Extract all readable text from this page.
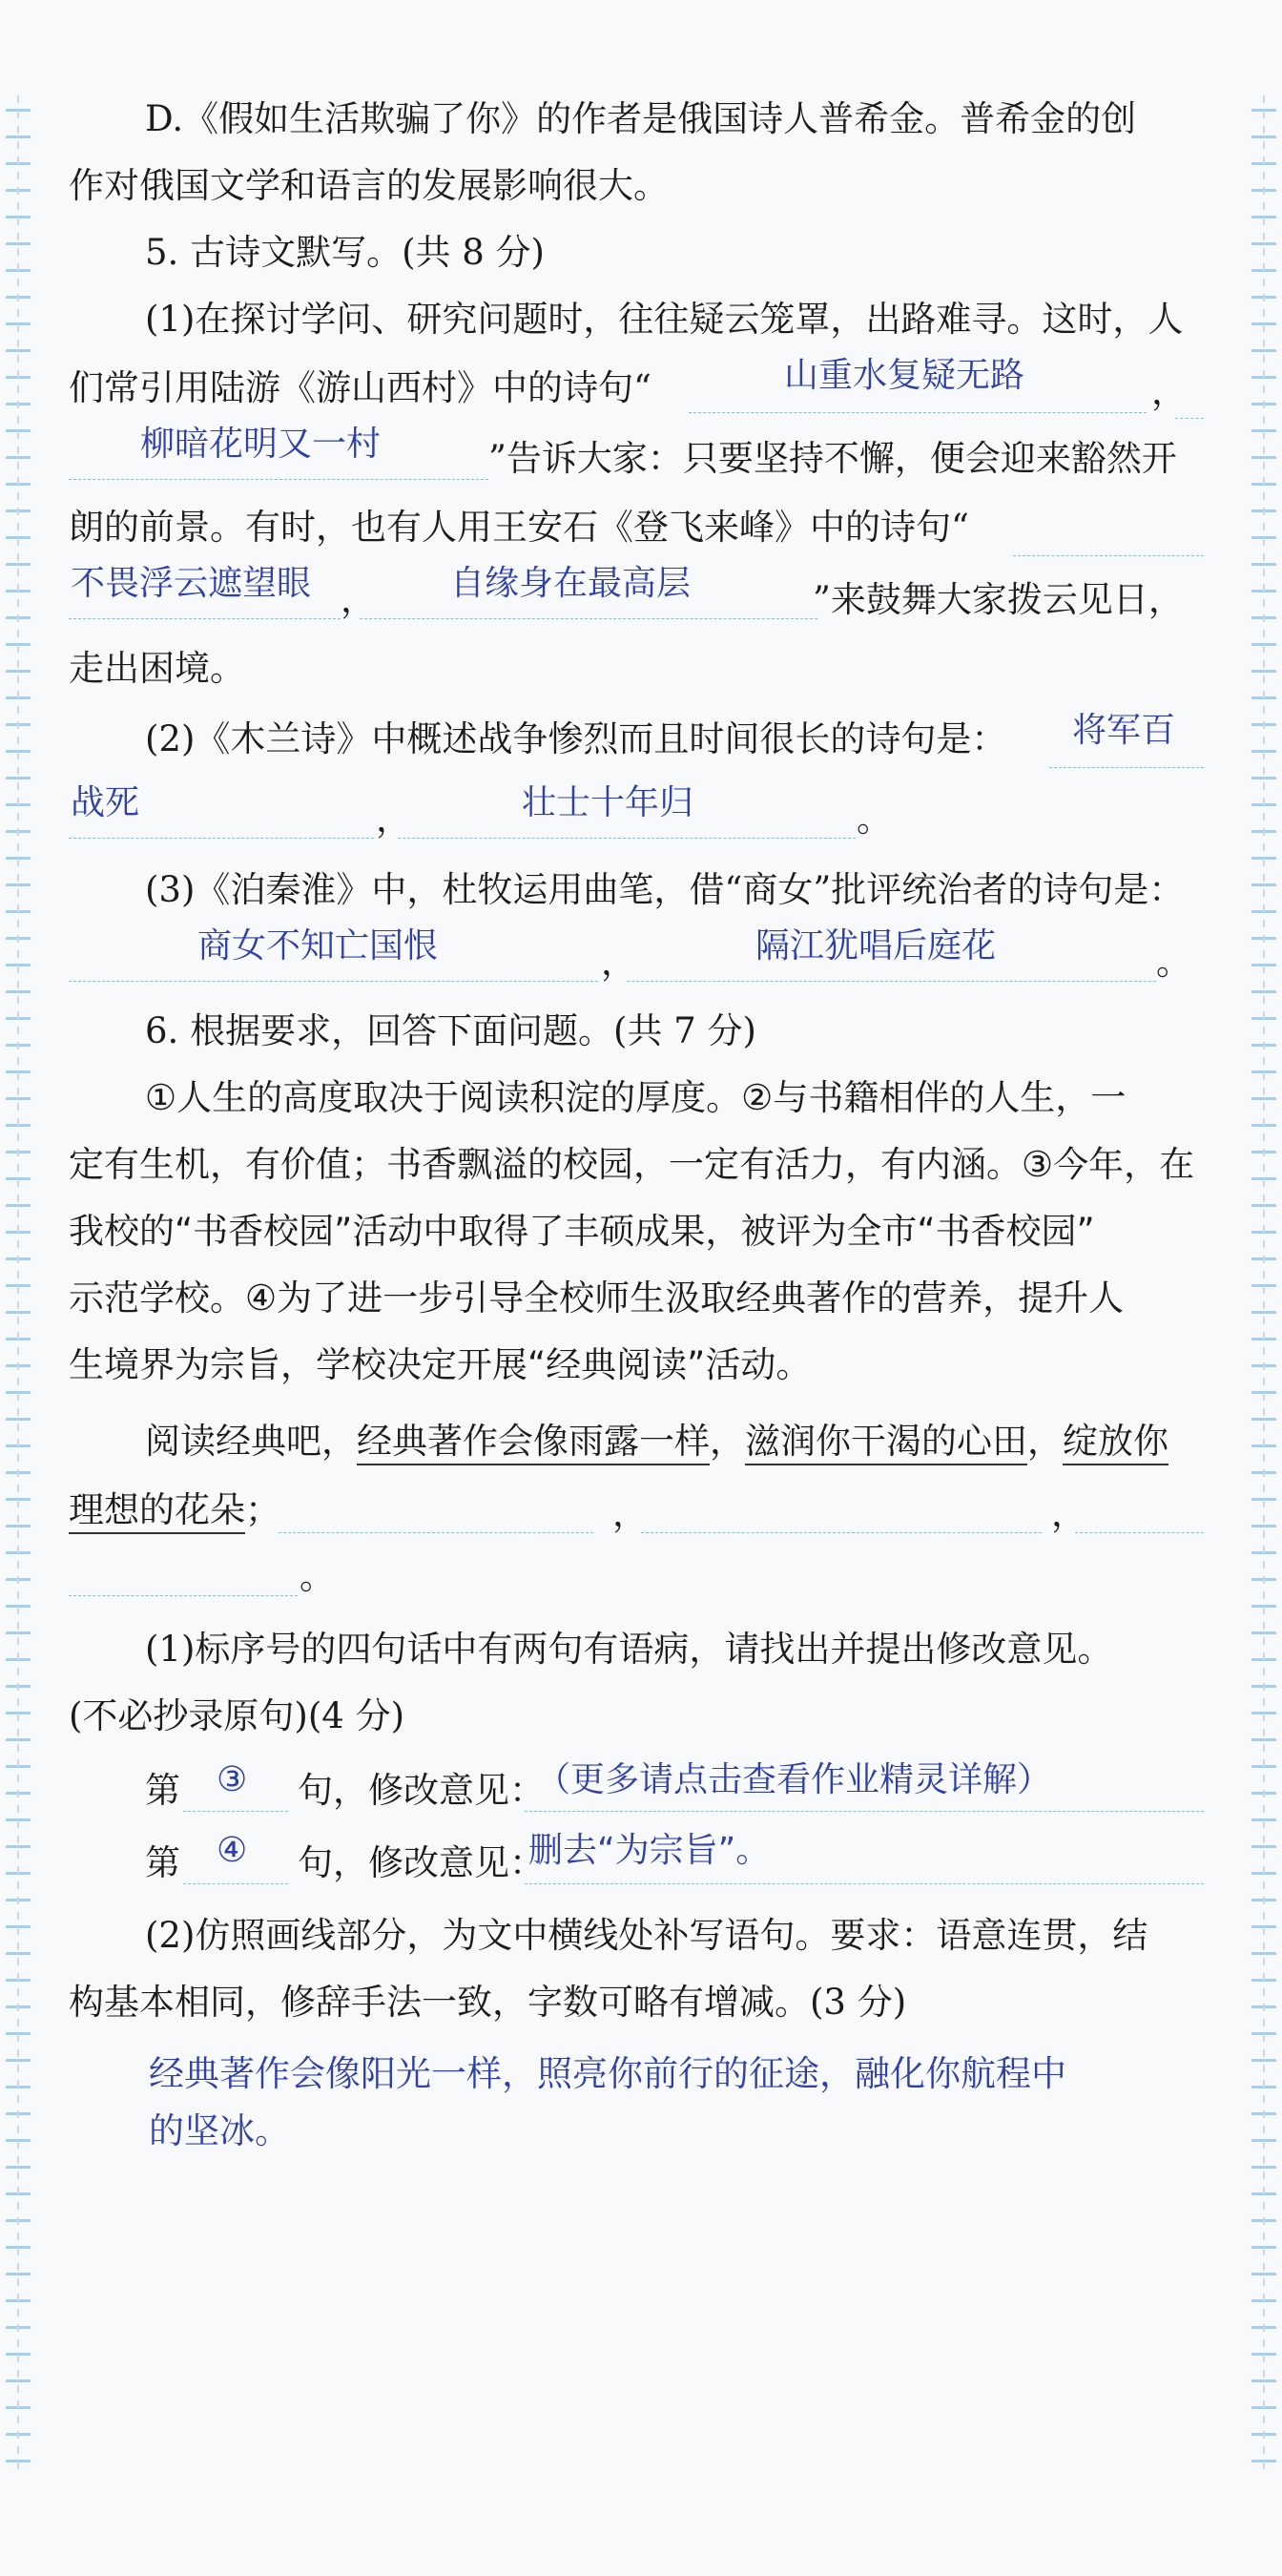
D.《假如生活欺骗了你》的作者是俄国诗人普希金。普希金的创
作对俄国文学和语言的发展影响很大。
5. 古诗文默写。(共 8 分)
(1)在探讨学问、研究问题时，往往疑云笼罩，出路难寻。这时，人
们常引用陆游《游山西村》中的诗句“	山重水复疑无路	，
柳暗花明又一村	”告诉大家：只要坚持不懈，便会迎来豁然开
朗的前景。有时，也有人用王安石《登飞来峰》中的诗句“
不畏浮云遮望眼 ， 自缘身在最高层	”来鼓舞大家拨云见日，
走出困境。
(2)《木兰诗》中概述战争惨烈而且时间很长的诗句是： 将军百
战死	，	壮士十年归	。
(3)《泊秦淮》中，杜牧运用曲笔，借“商女”批评统治者的诗句是：
商女不知亡国恨	，	隔江犹唱后庭花	。
6. 根据要求，回答下面问题。(共 7 分)
①人生的高度取决于阅读积淀的厚度。②与书籍相伴的人生，一
定有生机，有价值；书香飘溢的校园，一定有活力，有内涵。③今年，在
我校的“书香校园”活动中取得了丰硕成果，被评为全市“书香校园”
示范学校。④为了进一步引导全校师生汲取经典著作的营养，提升人
生境界为宗旨，学校决定开展“经典阅读”活动。
阅读经典吧，经典著作会像雨露一样，滋润你干渴的心田，绽放你
理想的花朵；	，	，
。
(1)标序号的四句话中有两句有语病，请找出并提出修改意见。
(不必抄录原句)(4 分)
第 ③ 句，修改意见：
（更多请点击查看作业精灵详解）
第 ④ 句，修改意见：
删去“为宗旨”。
(2)仿照画线部分，为文中横线处补写语句。要求：语意连贯，结
构基本相同，修辞手法一致，字数可略有增减。(3 分)
经典著作会像阳光一样，照亮你前行的征途，融化你航程中
的坚冰。
